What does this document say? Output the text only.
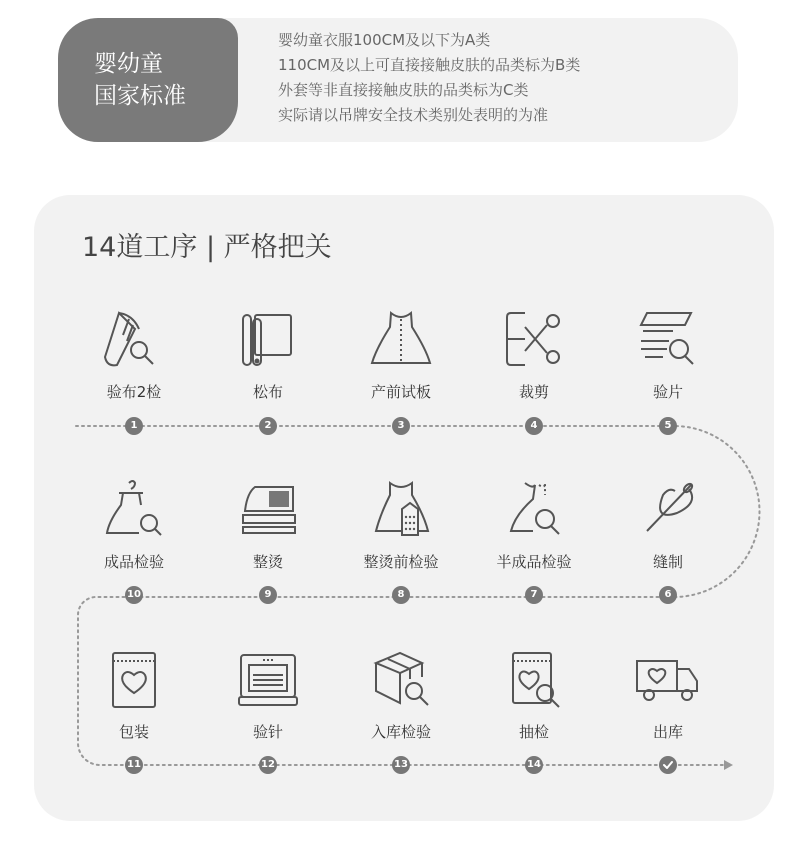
婴幼童
国家标准
婴幼童衣服100CM及以下为A类
110CM及以上可直接接触皮肤的品类标为B类
外套等非直接接触皮肤的品类标为C类
实际请以吊牌安全技术类别处表明的为准
14道工序 | 严格把关
验布2检	松布	产前试板	裁剪	验片
1	2	3	4	5
成品检验	整烫	整烫前检验	半成品检验	缝制
10	9	8	7	6
包装	验针	入库检验	抽检	出库
11	12	13	14
